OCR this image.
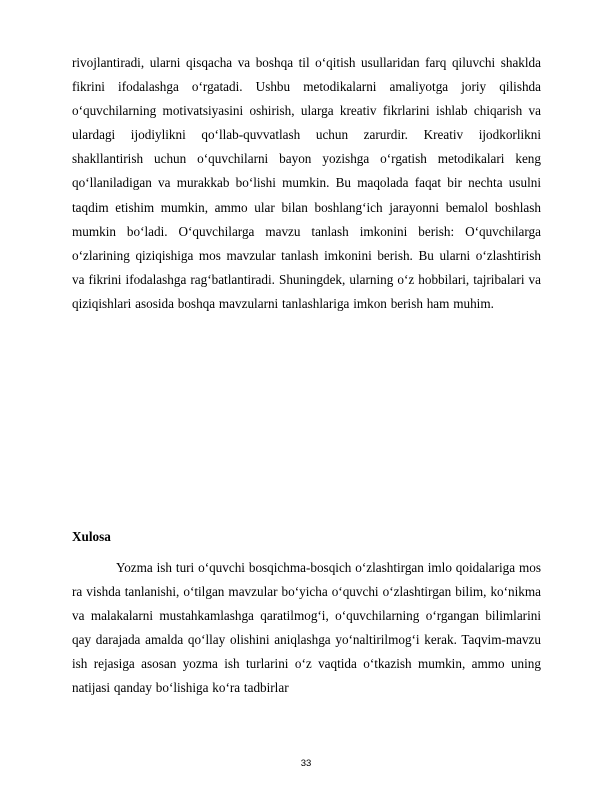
rivojlantiradi, ularni qisqacha va boshqa til o‘qitish usullaridan farq qiluvchi shaklda fikrini ifodalashga o‘rgatadi. Ushbu metodikalarni amaliyotga joriy qilishda o‘quvchilarning motivatsiyasini oshirish, ularga kreativ fikrlarini ishlab chiqarish va ulardagi ijodiylikni qo‘llab-quvvatlash uchun zarurdir. Kreativ ijodkorlikni shakllantirish uchun o‘quvchilarni bayon yozishga o‘rgatish metodikalari keng qo‘llaniladigan va murakkab bo‘lishi mumkin. Bu maqolada faqat bir nechta usulni taqdim etishim mumkin, ammo ular bilan boshlang‘ich jarayonni bemalol boshlash mumkin bo‘ladi. O‘quvchilarga mavzu tanlash imkonini berish: O‘quvchilarga o‘zlarining qiziqishiga mos mavzular tanlash imkonini berish. Bu ularni o‘zlashtirish va fikrini ifodalashga rag‘batlantiradi. Shuningdek, ularning o‘z hobbilari, tajribalari va qiziqishlari asosida boshqa mavzularni tanlashlariga imkon berish ham muhim.

Xulosa

Yozma ish turi o‘quvchi bosqichma-bosqich o‘zlashtirgan imlo qoidalariga mos ra vishda tanlanishi, o‘tilgan mavzular bo‘yicha o‘quvchi o‘zlashtirgan bilim, ko‘nikma va malakalarni mustahkamlashga qaratilmog‘i, o‘quvchilarning o‘rgangan bilimlarini qay darajada amalda qo‘llay olishini aniqlashga yo‘naltirilmog‘i kerak. Taqvim-mavzu ish rejasiga asosan yozma ish turlarini o‘z vaqtida o‘tkazish mumkin, ammo uning natijasi qanday bo‘lishiga ko‘ra tadbirlar

33
